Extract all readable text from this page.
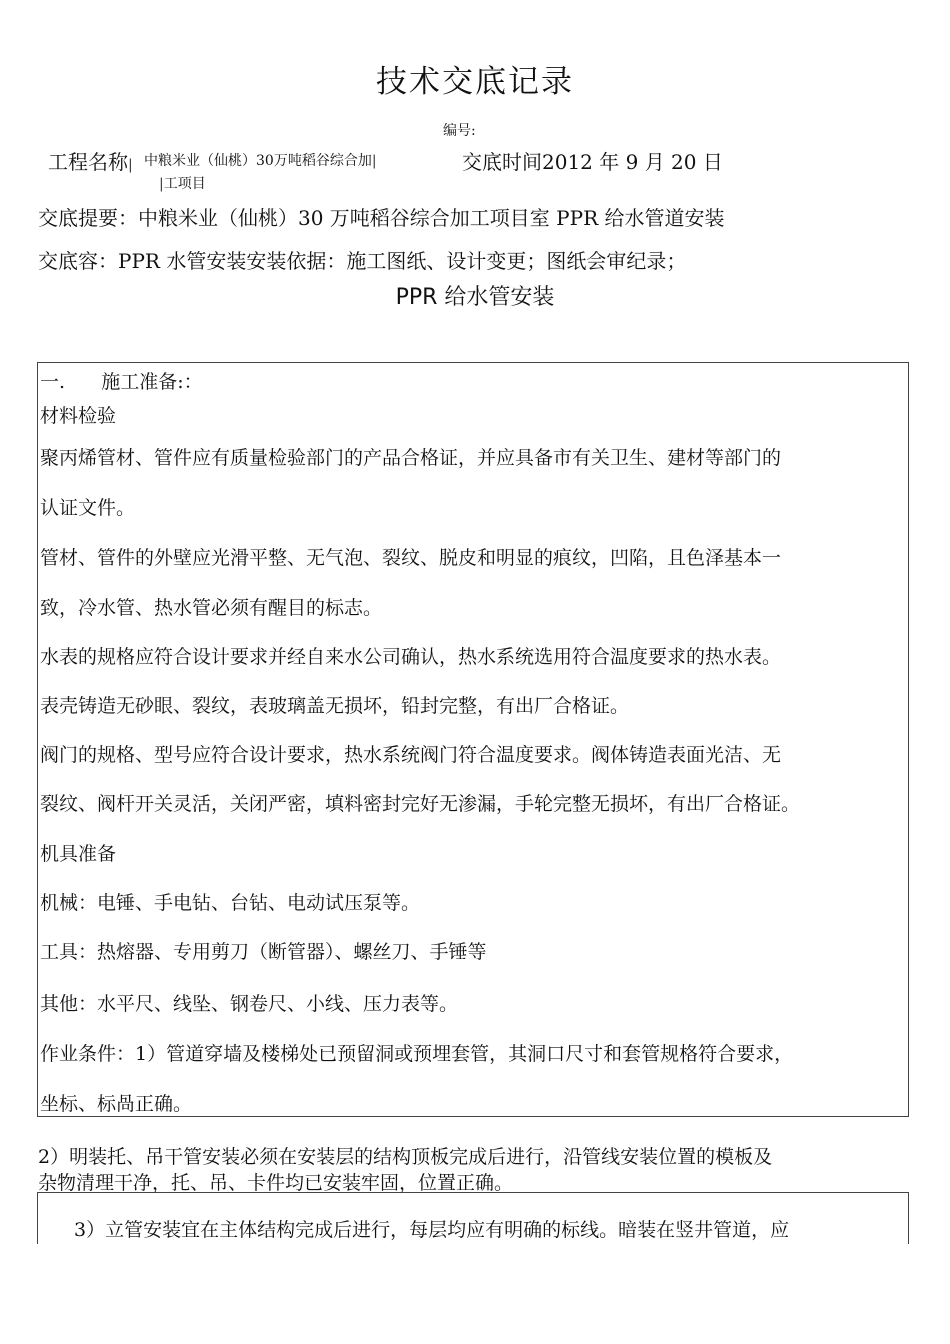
技术交底记录
编号:
工程名称| 中粮米业（仙桃）30万吨稻谷综合加|
|工项目
交底时间2012 年 9 月 20 日
交底提要：中粮米业（仙桃）30 万吨稻谷综合加工项目室 PPR 给水管道安装
交底容：PPR 水管安装安装依据：施工图纸、设计变更；图纸会审纪录；
PPR 给水管安装
一.      施工准备:：
材料检验
聚丙烯管材、管件应有质量检验部门的产品合格证，并应具备市有关卫生、建材等部门的
认证文件。
管材、管件的外壁应光滑平整、无气泡、裂纹、脱皮和明显的痕纹，凹陷，且色泽基本一
致，冷水管、热水管必须有醒目的标志。
水表的规格应符合设计要求并经自来水公司确认，热水系统选用符合温度要求的热水表。
表壳铸造无砂眼、裂纹，表玻璃盖无损坏，铅封完整，有出厂合格证。
阀门的规格、型号应符合设计要求，热水系统阀门符合温度要求。阀体铸造表面光洁、无
裂纹、阀杆开关灵活，关闭严密，填料密封完好无渗漏，手轮完整无损坏，有出厂合格证。
机具准备
机械：电锤、手电钻、台钻、电动试压泵等。
工具：热熔器、专用剪刀（断管器）、螺丝刀、手锤等
其他：水平尺、线坠、钢卷尺、小线、压力表等。
作业条件：1）管道穿墙及楼梯处已预留洞或预埋套管，其洞口尺寸和套管规格符合要求，
坐标、标咼正确。
2）明装托、吊干管安装必须在安装层的结构顶板完成后进行，沿管线安装位置的模板及
杂物清理干净，托、吊、卡件均已安装牢固，位置正确。
3）立管安装宜在主体结构完成后进行，每层均应有明确的标线。暗装在竖井管道，应
